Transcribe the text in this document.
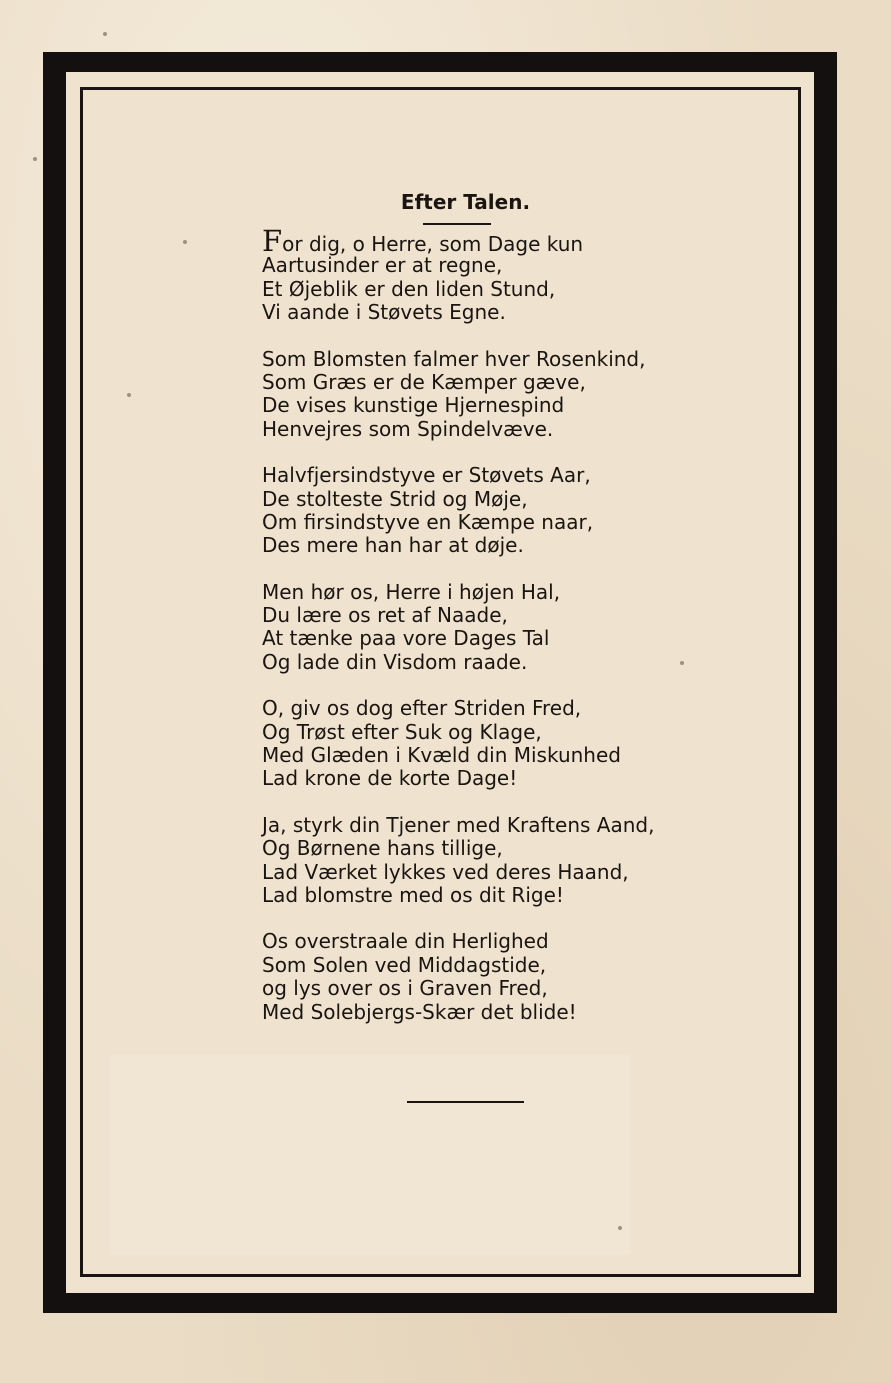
Efter Talen.
For dig, o Herre, som Dage kun
Aartusinder er at regne,
Et Øjeblik er den liden Stund,
Vi aande i Støvets Egne.
Som Blomsten falmer hver Rosenkind,
Som Græs er de Kæmper gæve,
De vises kunstige Hjernespind
Henvejres som Spindelvæve.
Halvfjersindstyve er Støvets Aar,
De stolteste Strid og Møje,
Om firsindstyve en Kæmpe naar,
Des mere han har at døje.
Men hør os, Herre i højen Hal,
Du lære os ret af Naade,
At tænke paa vore Dages Tal
Og lade din Visdom raade.
O, giv os dog efter Striden Fred,
Og Trøst efter Suk og Klage,
Med Glæden i Kvæld din Miskunhed
Lad krone de korte Dage!
Ja, styrk din Tjener med Kraftens Aand,
Og Børnene hans tillige,
Lad Værket lykkes ved deres Haand,
Lad blomstre med os dit Rige!
Os overstraale din Herlighed
Som Solen ved Middagstide,
og lys over os i Graven Fred,
Med Solebjergs-Skær det blide!
